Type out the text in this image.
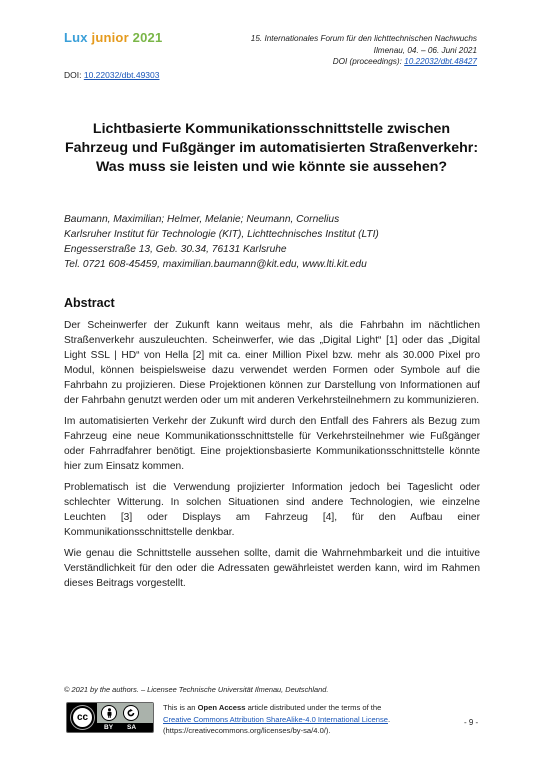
Lux junior 2021	15. Internationales Forum für den lichttechnischen Nachwuchs
Ilmenau, 04. – 06. Juni 2021
DOI (proceedings): 10.22032/dbt.48427
DOI: 10.22032/dbt.49303
Lichtbasierte Kommunikationsschnittstelle zwischen Fahrzeug und Fußgänger im automatisierten Straßenverkehr: Was muss sie leisten und wie könnte sie aussehen?
Baumann, Maximilian; Helmer, Melanie; Neumann, Cornelius
Karlsruher Institut für Technologie (KIT), Lichttechnisches Institut (LTI)
Engesserstraße 13, Geb. 30.34, 76131 Karlsruhe
Tel. 0721 608-45459, maximilian.baumann@kit.edu, www.lti.kit.edu
Abstract

Der Scheinwerfer der Zukunft kann weitaus mehr, als die Fahrbahn im nächtlichen Straßenverkehr auszuleuchten. Scheinwerfer, wie das „Digital Light“ [1] oder das „Digital Light SSL | HD“ von Hella [2] mit ca. einer Million Pixel bzw. mehr als 30.000 Pixel pro Modul, können beispielsweise dazu verwendet werden Formen oder Symbole auf die Fahrbahn zu projizieren. Diese Projektionen können zur Darstellung von Informationen auf der Fahrbahn genutzt werden oder um mit anderen Verkehrsteilnehmern zu kommunizieren.

Im automatisierten Verkehr der Zukunft wird durch den Entfall des Fahrers als Bezug zum Fahrzeug eine neue Kommunikationsschnittstelle für Verkehrsteilnehmer wie Fußgänger oder Fahrradfahrer benötigt. Eine projektionsbasierte Kommunikationsschnittstelle könnte hier zum Einsatz kommen.

Problematisch ist die Verwendung projizierter Information jedoch bei Tageslicht oder schlechter Witterung. In solchen Situationen sind andere Technologien, wie einzelne Leuchten [3] oder Displays am Fahrzeug [4], für den Aufbau einer Kommunikationsschnittstelle denkbar.

Wie genau die Schnittstelle aussehen sollte, damit die Wahrnehmbarkeit und die intuitive Verständlichkeit für den oder die Adressaten gewährleistet werden kann, wird im Rahmen dieses Beitrags vorgestellt.

© 2021 by the authors. – Licensee Technische Universität Ilmenau, Deutschland.
cc
BY SA
This is an Open Access article distributed under the terms of the
Creative Commons Attribution ShareAlike-4.0 International License.
(https://creativecommons.org/licenses/by-sa/4.0/).
- 9 -
